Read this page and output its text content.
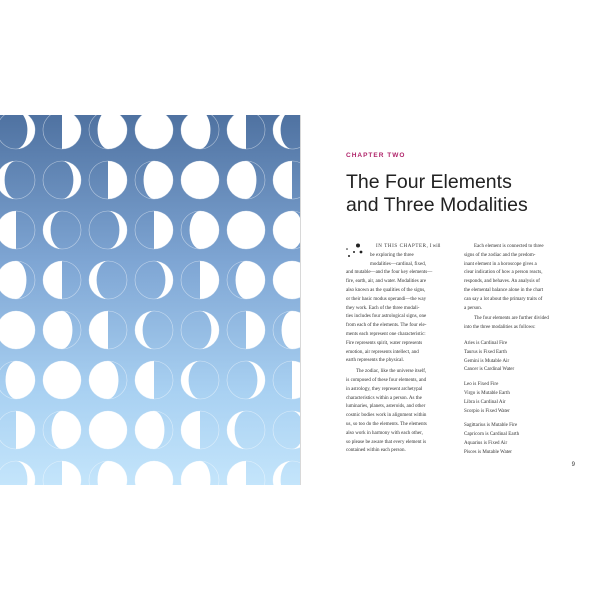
CHAPTER TWO
The Four Elements
and Three Modalities

IN THIS CHAPTER, I will

be exploring the three
modalities—cardinal, fixed,
and mutable—and the four key elements—
fire, earth, air, and water. Modalities are
also known as the qualities of the signs,
or their basic modus operandi—the way
they work. Each of the three modali-
ties includes four astrological signs, one
from each of the elements. The four ele-
ments each represent one characteristic:
Fire represents spirit, water represents
emotion, air represents intellect, and
earth represents the physical.
The zodiac, like the universe itself,
is composed of these four elements, and
in astrology, they represent archetypal
characteristics within a person. As the
luminaries, planets, asteroids, and other
cosmic bodies work in alignment within
us, so too do the elements. The elements
also work in harmony with each other,
so please be aware that every element is
contained within each person.
Each element is connected to three
signs of the zodiac and the predom-
inant element in a horoscope gives a
clear indication of how a person reacts,
responds, and behaves. An analysis of
the elemental balance alone in the chart
can say a lot about the primary traits of
a person.
The four elements are further divided
into the three modalities as follows:
Aries is Cardinal Fire
Taurus is Fixed Earth
Gemini is Mutable Air
Cancer is Cardinal Water
Leo is Fixed Fire
Virgo is Mutable Earth
Libra is Cardinal Air
Scorpio is Fixed Water
Sagittarius is Mutable Fire
Capricorn is Cardinal Earth
Aquarius is Fixed Air
Pisces is Mutable Water
9
